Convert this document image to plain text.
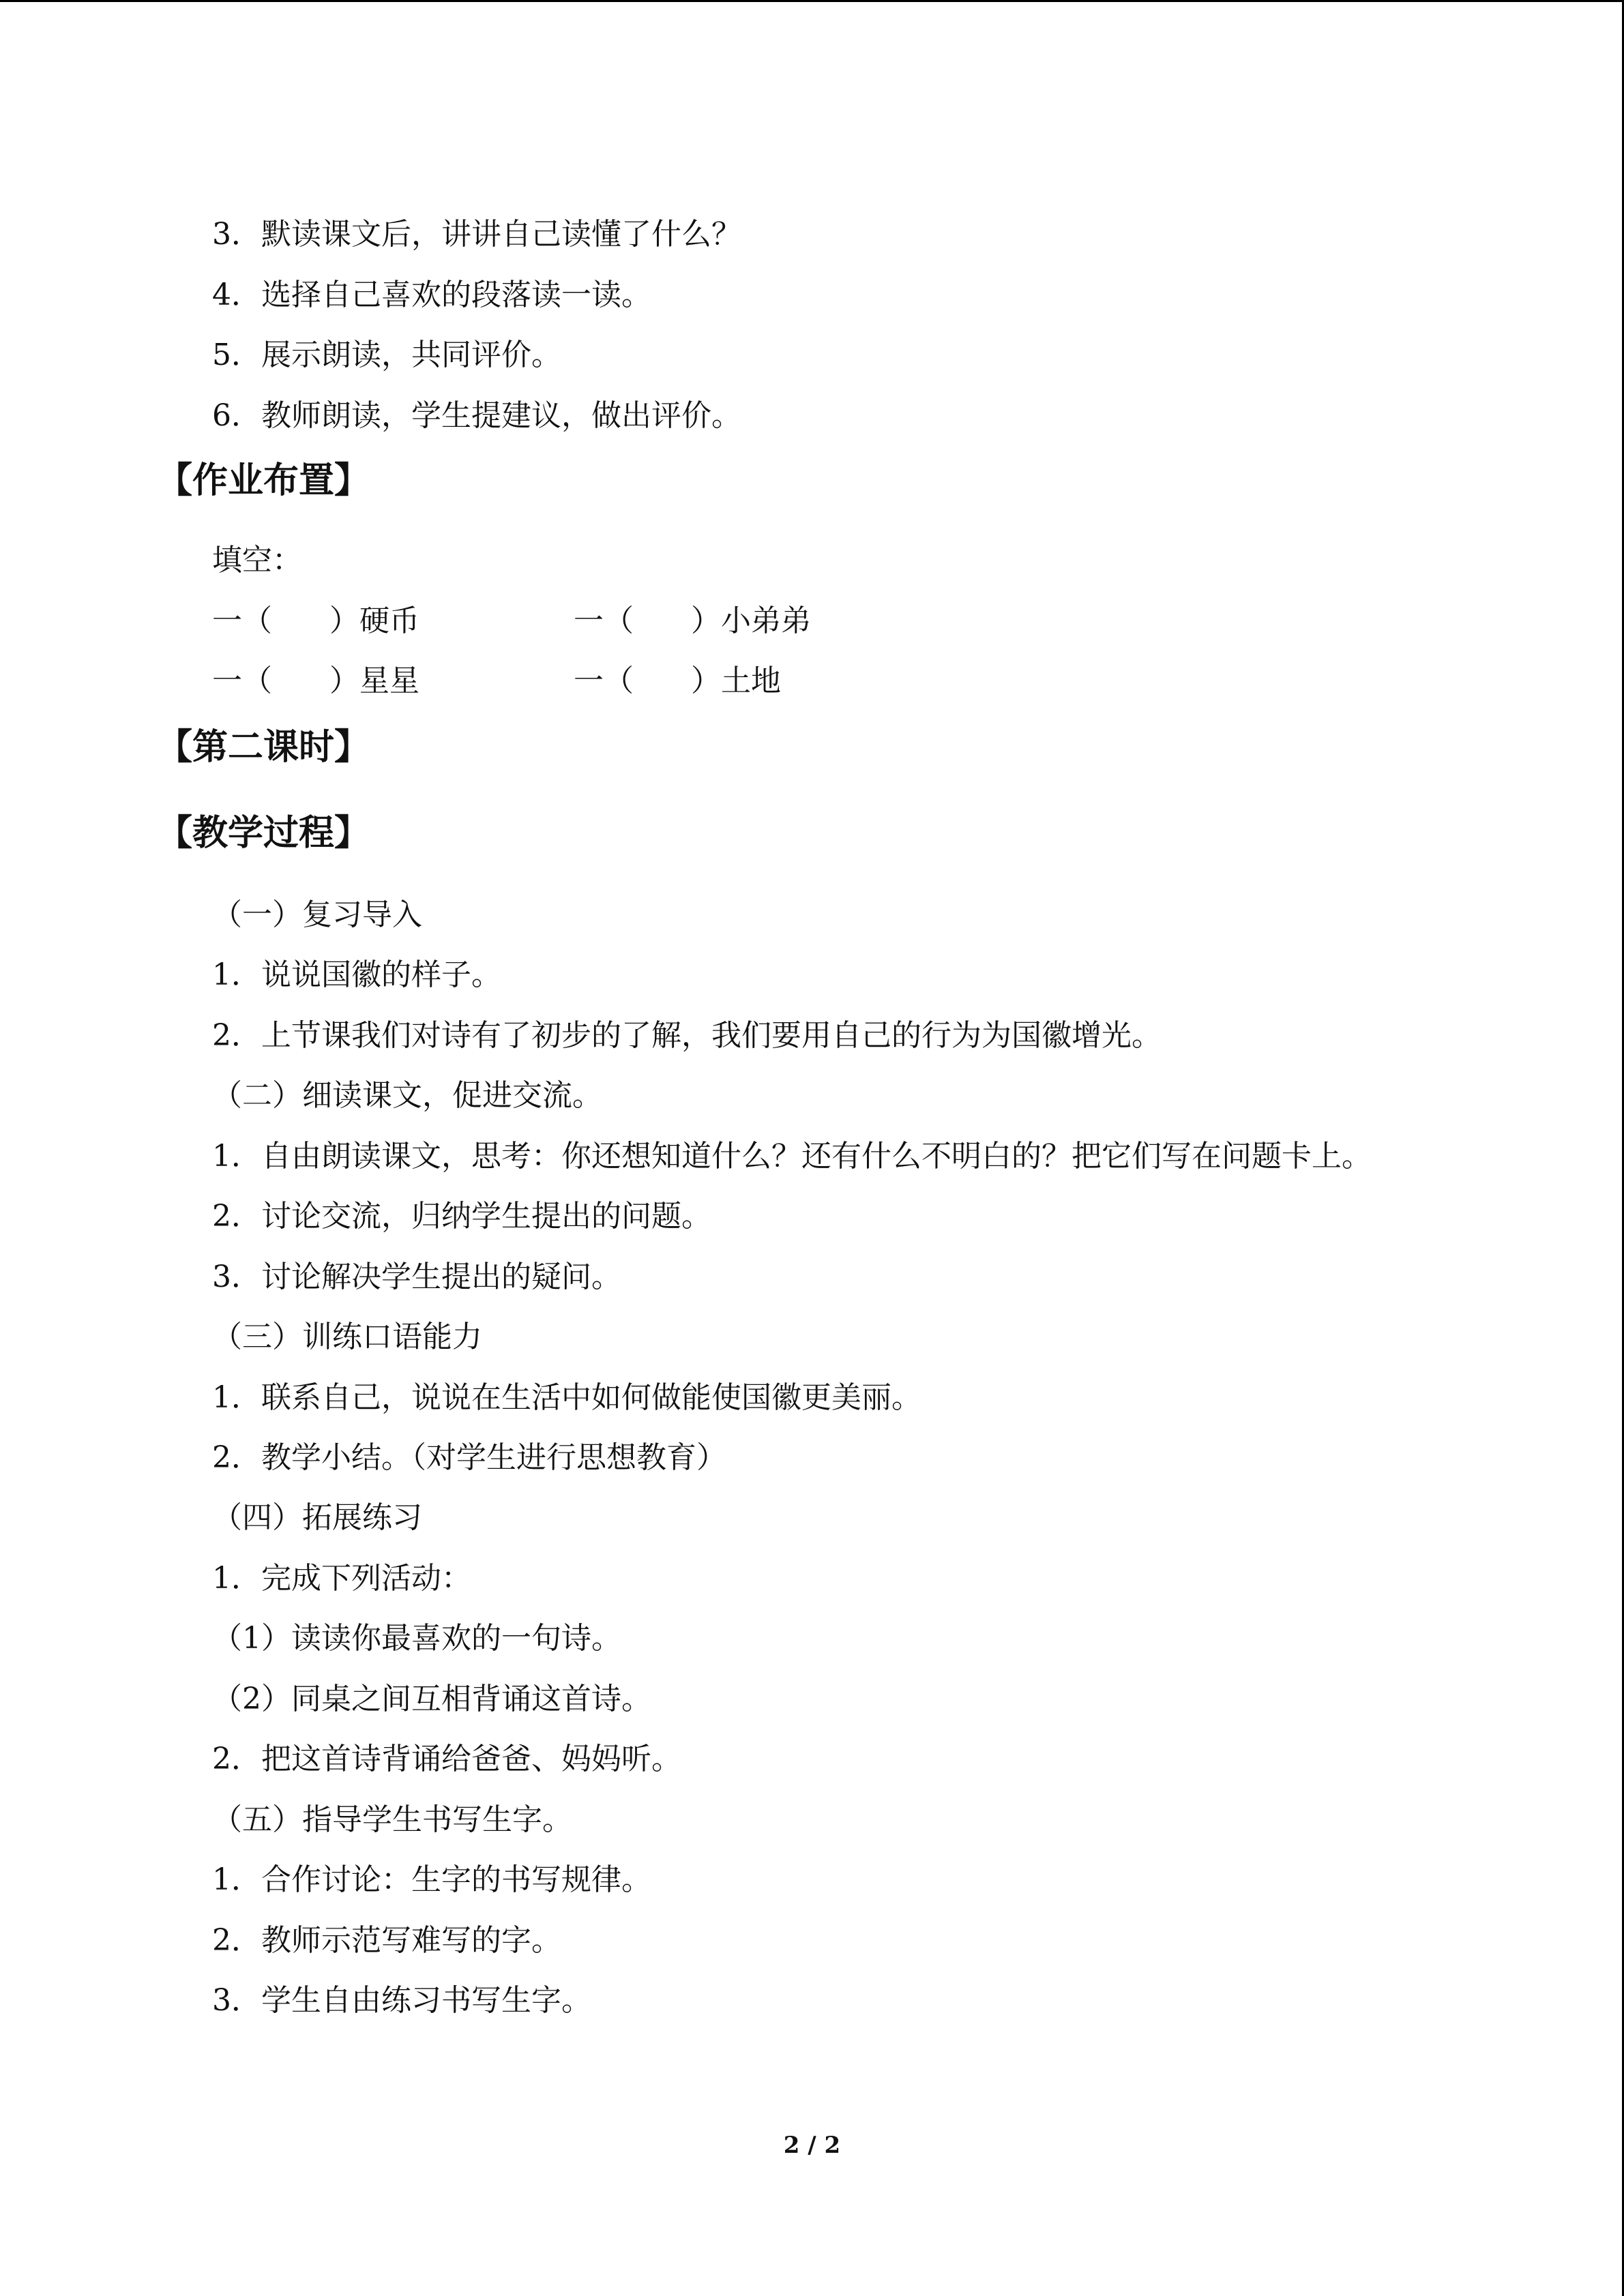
3．默读课文后，讲讲自己读懂了什么？
4．选择自己喜欢的段落读一读。
5．展示朗读，共同评价。
6．教师朗读，学生提建议，做出评价。
【作业布置】
填空：
一（ ）硬币	一（ ）小弟弟
一（ ）星星	一（ ）土地
【第二课时】
【教学过程】
（一）复习导入
1．说说国徽的样子。
2．上节课我们对诗有了初步的了解，我们要用自己的行为为国徽增光。
（二）细读课文，促进交流。
1．自由朗读课文，思考：你还想知道什么？还有什么不明白的？把它们写在问题卡上。
2．讨论交流，归纳学生提出的问题。
3．讨论解决学生提出的疑问。
（三）训练口语能力
1．联系自己，说说在生活中如何做能使国徽更美丽。
2．教学小结。（对学生进行思想教育）
（四）拓展练习
1．完成下列活动：
（1）读读你最喜欢的一句诗。
（2）同桌之间互相背诵这首诗。
2．把这首诗背诵给爸爸、妈妈听。
（五）指导学生书写生字。
1．合作讨论：生字的书写规律。
2．教师示范写难写的字。
3．学生自由练习书写生字。
2 / 2
